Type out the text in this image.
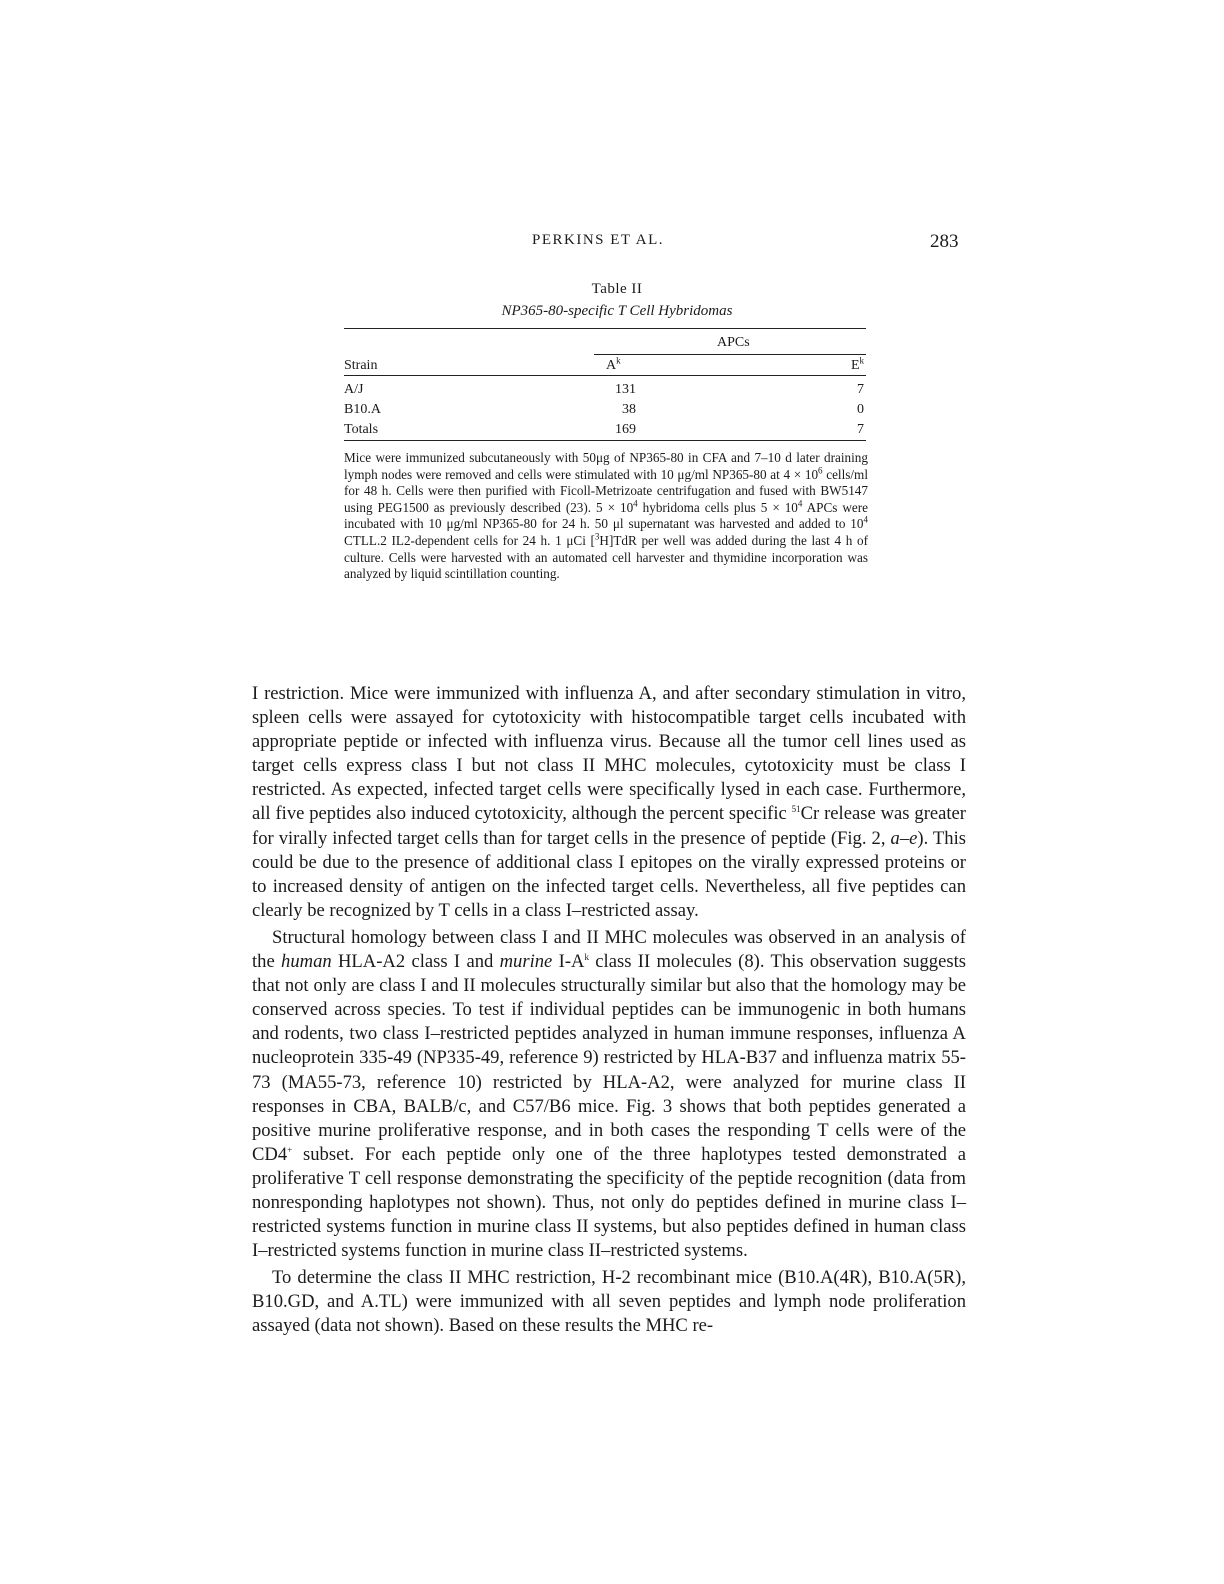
PERKINS ET AL.	283
Table II
NP365-80-specific T Cell Hybridomas
APCs
Strain	$A^k$	$E^k$
A/J	131	7
B10.A	38	0
Totals	169	7
Mice were immunized subcutaneously with 50μg of NP365-80 in CFA and 7–10 d later draining lymph nodes were removed and cells were stimulated with 10 μg/ml NP365-80 at $4 \times 10^6$ cells/ml for 48 h. Cells were then purified with Ficoll-Metrizoate centrifugation and fused with BW5147 using PEG1500 as previously described (23). $5 \times 10^4$ hybridoma cells plus $5 \times 10^4$ APCs were incubated with 10 μg/ml NP365-80 for 24 h. 50 μl supernatant was harvested and added to $10^4$ CTLL.2 IL2-dependent cells for 24 h. 1 μCi [$^3$H]TdR per well was added during the last 4 h of culture. Cells were harvested with an automated cell harvester and thymidine incorporation was analyzed by liquid scintillation counting.

I restriction. Mice were immunized with influenza A, and after secondary stimulation in vitro, spleen cells were assayed for cytotoxicity with histocompatible target cells incubated with appropriate peptide or infected with influenza virus. Because all the tumor cell lines used as target cells express class I but not class II MHC molecules, cytotoxicity must be class I restricted. As expected, infected target cells were specifically lysed in each case. Furthermore, all five peptides also induced cytotoxicity, although the percent specific $^{51}$Cr release was greater for virally infected target cells than for target cells in the presence of peptide (Fig. 2, a–e). This could be due to the presence of additional class I epitopes on the virally expressed proteins or to increased density of antigen on the infected target cells. Nevertheless, all five peptides can clearly be recognized by T cells in a class I–restricted assay.

Structural homology between class I and II MHC molecules was observed in an analysis of the human HLA-A2 class I and murine $I-A^k$ class II molecules (8). This observation suggests that not only are class I and II molecules structurally similar but also that the homology may be conserved across species. To test if individual peptides can be immunogenic in both humans and rodents, two class I–restricted peptides analyzed in human immune responses, influenza A nucleoprotein 335-49 (NP335-49, reference 9) restricted by HLA-B37 and influenza matrix 55-73 (MA55-73, reference 10) restricted by HLA-A2, were analyzed for murine class II responses in CBA, BALB/c, and C57/B6 mice. Fig. 3 shows that both peptides generated a positive murine proliferative response, and in both cases the responding T cells were of the CD4+ subset. For each peptide only one of the three haplotypes tested demonstrated a proliferative T cell response demonstrating the specificity of the peptide recognition (data from nonresponding haplotypes not shown). Thus, not only do peptides defined in murine class I–restricted systems function in murine class II systems, but also peptides defined in human class I–restricted systems function in murine class II–restricted systems.

To determine the class II MHC restriction, H-2 recombinant mice (B10.A(4R), B10.A(5R), B10.GD, and A.TL) were immunized with all seven peptides and lymph node proliferation assayed (data not shown). Based on these results the MHC re-
